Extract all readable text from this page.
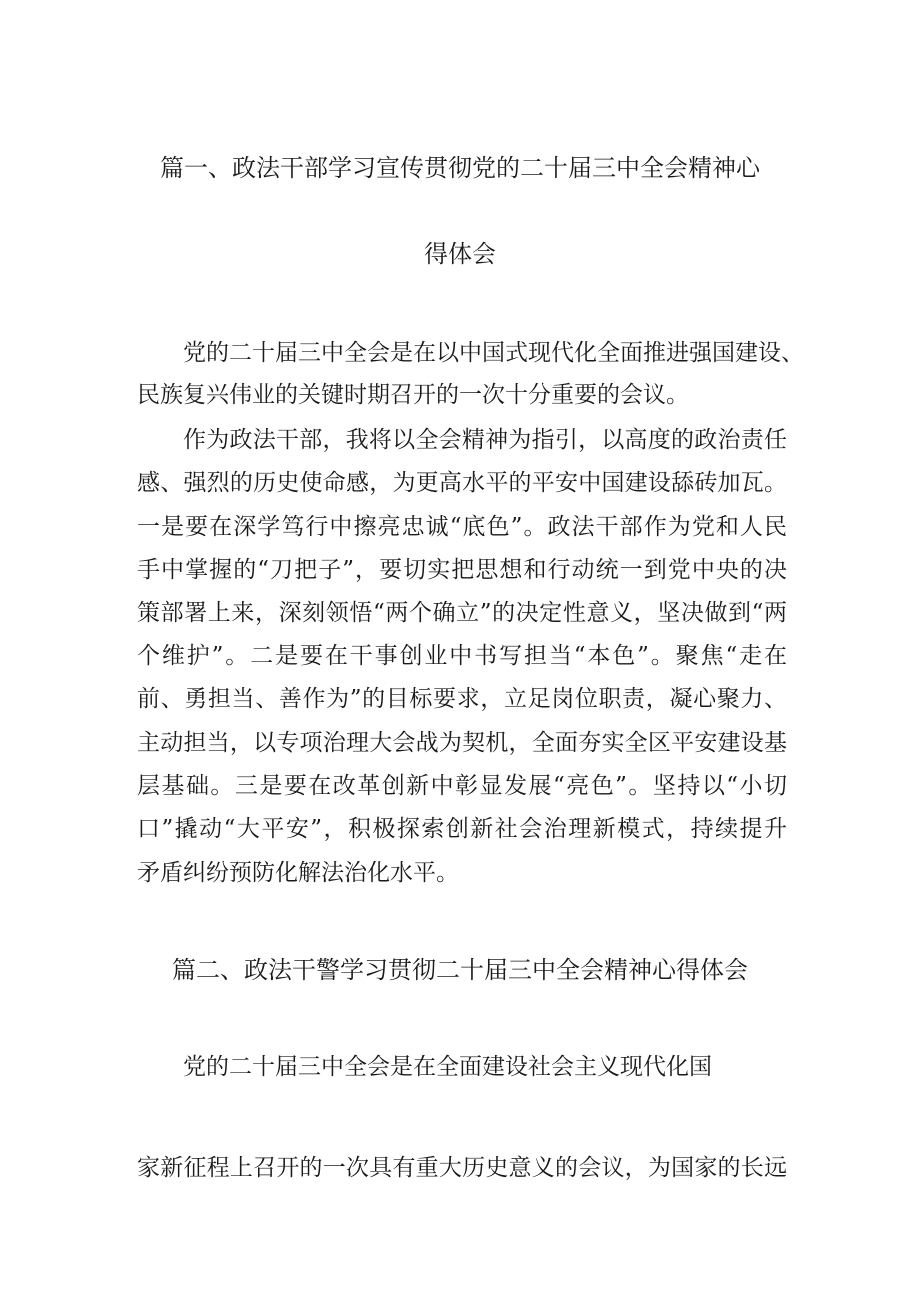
篇一、政法干部学习宣传贯彻党的二十届三中全会精神心
得体会

党的二十届三中全会是在以中国式现代化全面推进强国建设、

民族复兴伟业的关键时期召开的一次十分重要的会议。

作为政法干部，我将以全会精神为指引，以高度的政治责任

感、强烈的历史使命感，为更高水平的平安中国建设舔砖加瓦。

一是要在深学笃行中擦亮忠诚“底色”。政法干部作为党和人民

手中掌握的“刀把子”，要切实把思想和行动统一到党中央的决

策部署上来，深刻领悟“两个确立”的决定性意义，坚决做到“两

个维护”。二是要在干事创业中书写担当“本色”。聚焦“走在

前、勇担当、善作为”的目标要求，立足岗位职责，凝心聚力、

主动担当，以专项治理大会战为契机，全面夯实全区平安建设基

层基础。三是要在改革创新中彰显发展“亮色”。坚持以“小切

口”撬动“大平安”，积极探索创新社会治理新模式，持续提升

矛盾纠纷预防化解法治化水平。

篇二、政法干警学习贯彻二十届三中全会精神心得体会

党的二十届三中全会是在全面建设社会主义现代化国

家新征程上召开的一次具有重大历史意义的会议，为国家的长远
